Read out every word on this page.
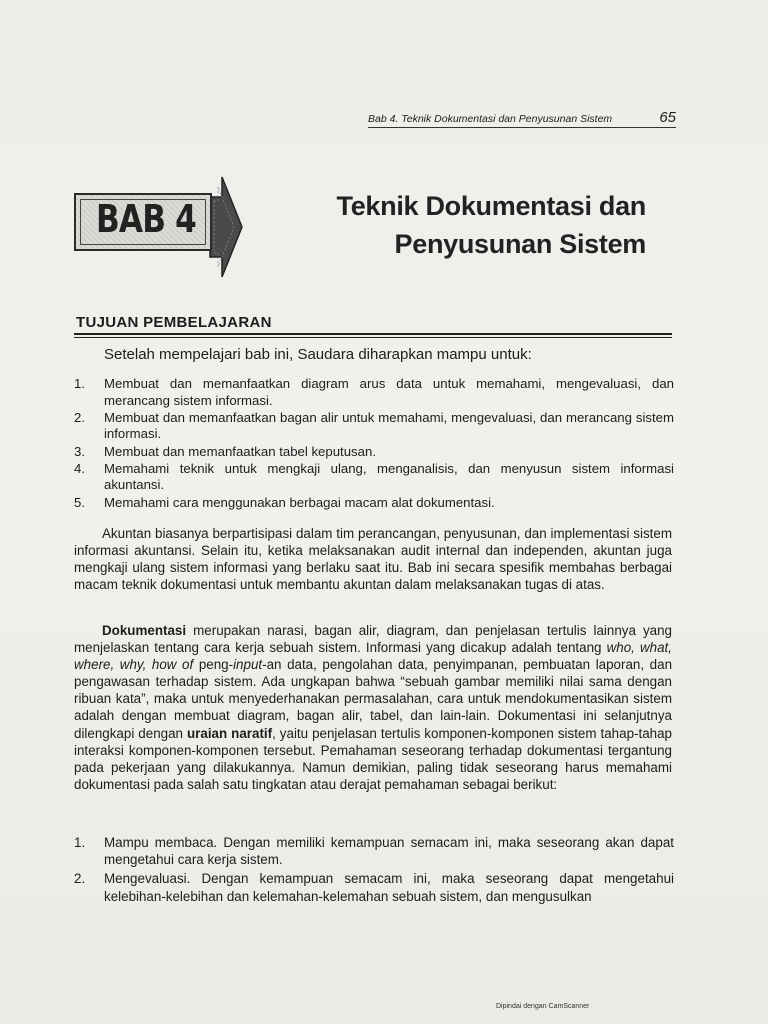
Bab 4. Teknik Dokumentasi dan Penyusunan Sistem	65
BAB 4	Teknik Dokumentasi dan
Penyusunan Sistem
TUJUAN PEMBELAJARAN
Setelah mempelajari bab ini, Saudara diharapkan mampu untuk:
1.	Membuat dan memanfaatkan diagram arus data untuk memahami, mengevaluasi, dan merancang sistem informasi.
2.	Membuat dan memanfaatkan bagan alir untuk memahami, mengevaluasi, dan merancang sistem informasi.
3.	Membuat dan memanfaatkan tabel keputusan.
4.	Memahami teknik untuk mengkaji ulang, menganalisis, dan menyusun sistem informasi akuntansi.
5.	Memahami cara menggunakan berbagai macam alat dokumentasi.
Akuntan biasanya berpartisipasi dalam tim perancangan, penyusunan, dan implementasi sistem informasi akuntansi. Selain itu, ketika melaksanakan audit internal dan independen, akuntan juga mengkaji ulang sistem informasi yang berlaku saat itu. Bab ini secara spesifik membahas berbagai macam teknik dokumentasi untuk membantu akuntan dalam melaksanakan tugas di atas.
Dokumentasi merupakan narasi, bagan alir, diagram, dan penjelasan tertulis lainnya yang menjelaskan tentang cara kerja sebuah sistem. Informasi yang dicakup adalah tentang who, what, where, why, how of peng-input-an data, pengolahan data, penyimpanan, pembuatan laporan, dan pengawasan terhadap sistem. Ada ungkapan bahwa “sebuah gambar memiliki nilai sama dengan ribuan kata”, maka untuk menyederhanakan permasalahan, cara untuk mendokumentasikan sistem adalah dengan membuat diagram, bagan alir, tabel, dan lain-lain. Dokumentasi ini selanjutnya dilengkapi dengan uraian naratif, yaitu penjelasan tertulis komponen-komponen sistem tahap-tahap interaksi komponen-komponen tersebut. Pemahaman seseorang terhadap dokumentasi tergantung pada pekerjaan yang dilakukannya. Namun demikian, paling tidak seseorang harus memahami dokumentasi pada salah satu tingkatan atau derajat pemahaman sebagai berikut:
1.	Mampu membaca. Dengan memiliki kemampuan semacam ini, maka seseorang akan dapat mengetahui cara kerja sistem.
2.	Mengevaluasi. Dengan kemampuan semacam ini, maka seseorang dapat mengetahui kelebihan-kelebihan dan kelemahan-kelemahan sebuah sistem, dan mengusulkan
Dipindai dengan CamScanner
